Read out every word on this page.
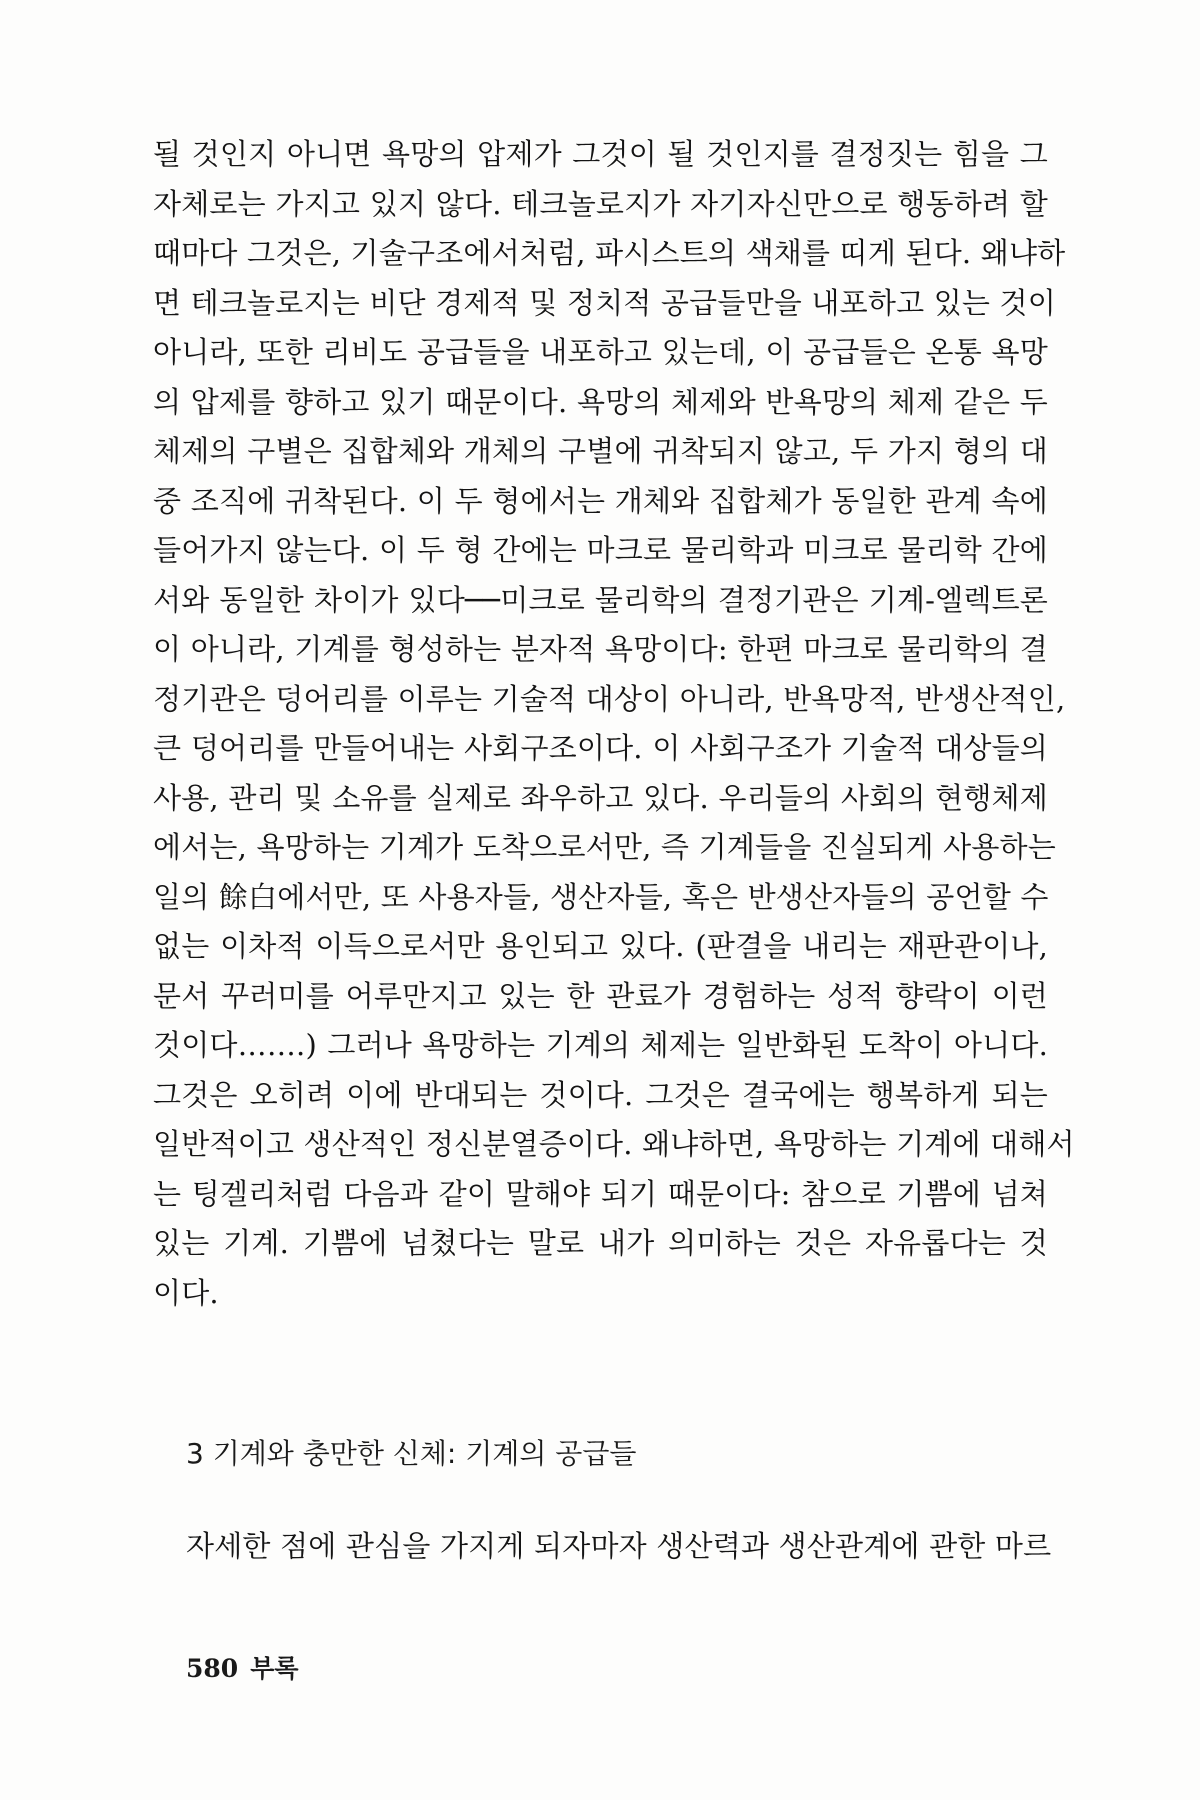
될 것인지 아니면 욕망의 압제가 그것이 될 것인지를 결정짓는 힘을 그
자체로는 가지고 있지 않다. 테크놀로지가 자기자신만으로 행동하려 할
때마다 그것은, 기술구조에서처럼, 파시스트의 색채를 띠게 된다. 왜냐하
면 테크놀로지는 비단 경제적 및 정치적 공급들만을 내포하고 있는 것이
아니라, 또한 리비도 공급들을 내포하고 있는데, 이 공급들은 온통 욕망
의 압제를 향하고 있기 때문이다. 욕망의 체제와 반욕망의 체제 같은 두
체제의 구별은 집합체와 개체의 구별에 귀착되지 않고, 두 가지 형의 대
중 조직에 귀착된다. 이 두 형에서는 개체와 집합체가 동일한 관계 속에
들어가지 않는다. 이 두 형 간에는 마크로 물리학과 미크로 물리학 간에
서와 동일한 차이가 있다──미크로 물리학의 결정기관은 기계-엘렉트론
이 아니라, 기계를 형성하는 분자적 욕망이다: 한편 마크로 물리학의 결
정기관은 덩어리를 이루는 기술적 대상이 아니라, 반욕망적, 반생산적인,
큰 덩어리를 만들어내는 사회구조이다. 이 사회구조가 기술적 대상들의
사용, 관리 및 소유를 실제로 좌우하고 있다. 우리들의 사회의 현행체제
에서는, 욕망하는 기계가 도착으로서만, 즉 기계들을 진실되게 사용하는
일의 餘白에서만, 또 사용자들, 생산자들, 혹은 반생산자들의 공언할 수
없는 이차적 이득으로서만 용인되고 있다. (판결을 내리는 재판관이나,
문서 꾸러미를 어루만지고 있는 한 관료가 경험하는 성적 향락이 이런
것이다…….) 그러나 욕망하는 기계의 체제는 일반화된 도착이 아니다.
그것은 오히려 이에 반대되는 것이다. 그것은 결국에는 행복하게 되는
일반적이고 생산적인 정신분열증이다. 왜냐하면, 욕망하는 기계에 대해서
는 팅겔리처럼 다음과 같이 말해야 되기 때문이다: 참으로 기쁨에 넘쳐
있는 기계. 기쁨에 넘쳤다는 말로 내가 의미하는 것은 자유롭다는 것
이다.
3 기계와 충만한 신체: 기계의 공급들
자세한 점에 관심을 가지게 되자마자 생산력과 생산관계에 관한 마르
580 부록
